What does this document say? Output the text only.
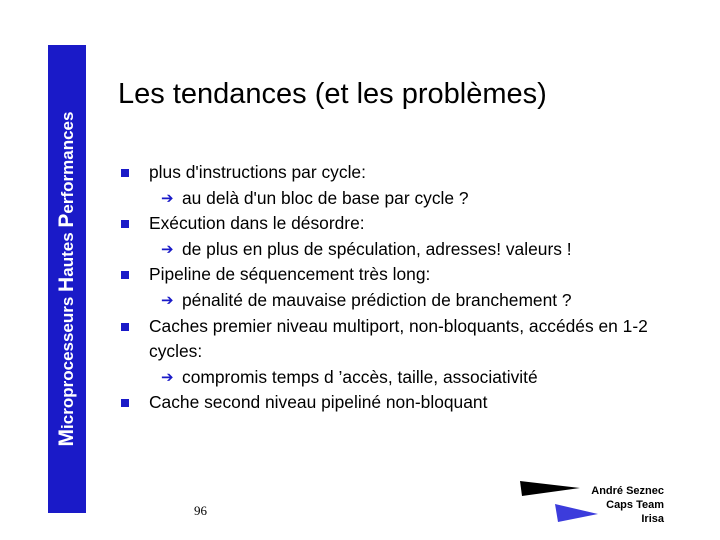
Microprocesseurs Hautes Performances
Les tendances (et les problèmes)
plus d'instructions par cycle:
➔ au delà d'un bloc de base par cycle ?
Exécution dans le désordre:
➔ de plus en plus de spéculation, adresses! valeurs !
Pipeline de séquencement très long:
➔ pénalité de mauvaise prédiction de branchement ?
Caches premier niveau multiport, non-bloquants, accédés en 1-2 cycles:
➔ compromis temps d ’accès, taille, associativité
Cache second niveau pipeliné non-bloquant
96
André Seznec
Caps Team
Irisa
